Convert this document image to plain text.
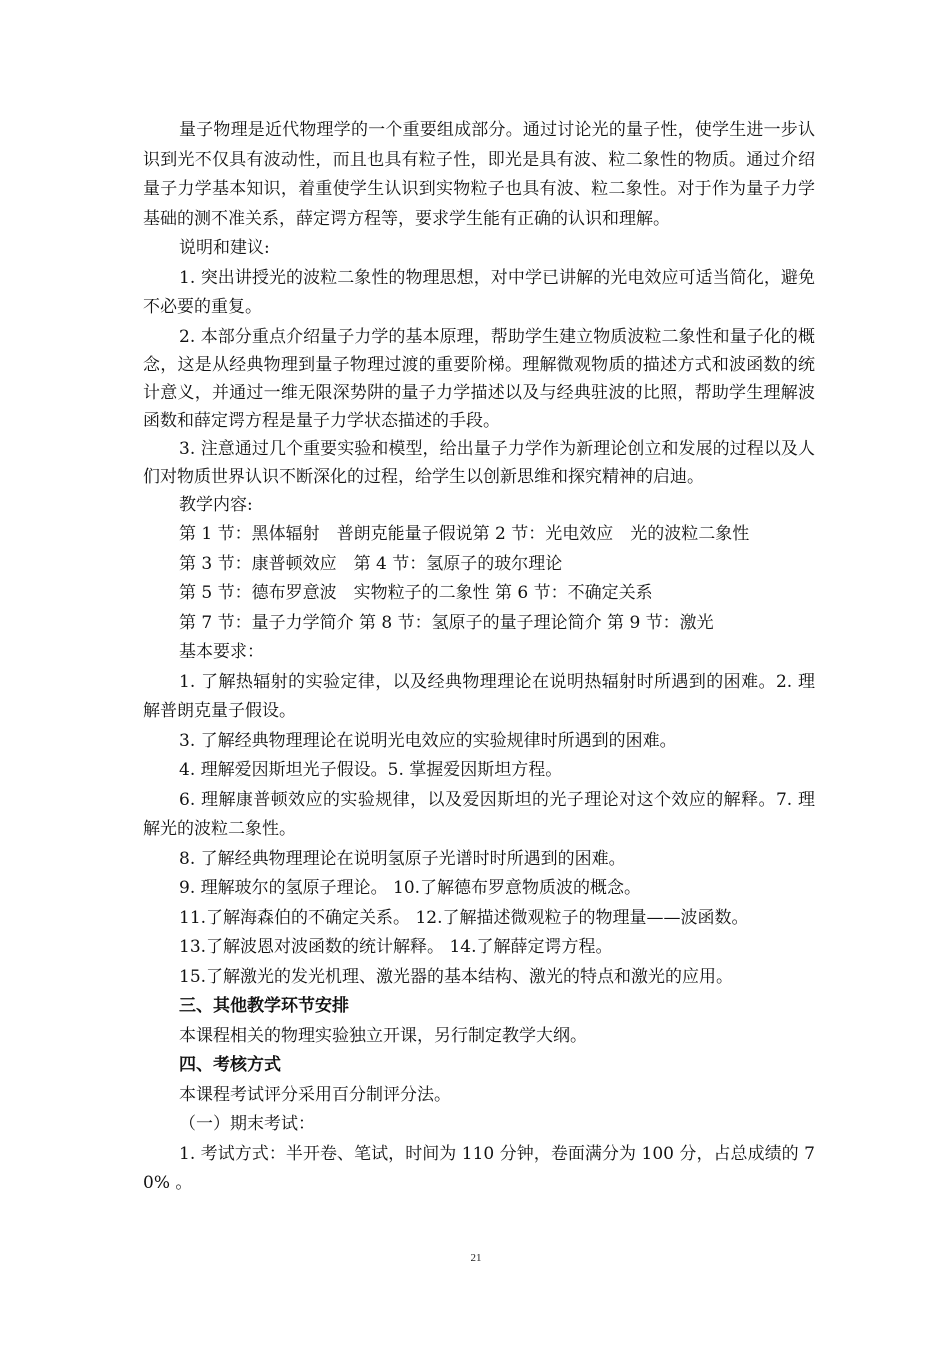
量子物理是近代物理学的一个重要组成部分。通过讨论光的量子性，使学生进一步认识到光不仅具有波动性，而且也具有粒子性，即光是具有波、粒二象性的物质。通过介绍量子力学基本知识，着重使学生认识到实物粒子也具有波、粒二象性。对于作为量子力学基础的测不准关系，薛定谔方程等，要求学生能有正确的认识和理解。

说明和建议:

1. 突出讲授光的波粒二象性的物理思想，对中学已讲解的光电效应可适当简化，避免不必要的重复。

2. 本部分重点介绍量子力学的基本原理，帮助学生建立物质波粒二象性和量子化的概念，这是从经典物理到量子物理过渡的重要阶梯。理解微观物质的描述方式和波函数的统计意义，并通过一维无限深势阱的量子力学描述以及与经典驻波的比照，帮助学生理解波函数和薛定谔方程是量子力学状态描述的手段。

3. 注意通过几个重要实验和模型，给出量子力学作为新理论创立和发展的过程以及人们对物质世界认识不断深化的过程，给学生以创新思维和探究精神的启迪。

教学内容:

第 1 节：黑体辐射　普朗克能量子假说第 2 节：光电效应　光的波粒二象性

第 3 节：康普顿效应　第 4 节：氢原子的玻尔理论

第 5 节：德布罗意波　实物粒子的二象性 第 6 节：不确定关系

第 7 节：量子力学简介 第 8 节：氢原子的量子理论简介 第 9 节：激光

基本要求：

1. 了解热辐射的实验定律，以及经典物理理论在说明热辐射时所遇到的困难。2. 理解普朗克量子假设。

3. 了解经典物理理论在说明光电效应的实验规律时所遇到的困难。

4. 理解爱因斯坦光子假设。5. 掌握爱因斯坦方程。

6. 理解康普顿效应的实验规律，以及爱因斯坦的光子理论对这个效应的解释。7. 理解光的波粒二象性。

8. 了解经典物理理论在说明氢原子光谱时时所遇到的困难。

9. 理解玻尔的氢原子理论。 10.了解德布罗意物质波的概念。

11.了解海森伯的不确定关系。 12.了解描述微观粒子的物理量——波函数。

13.了解波恩对波函数的统计解释。 14.了解薛定谔方程。

15.了解激光的发光机理、激光器的基本结构、激光的特点和激光的应用。

三、其他教学环节安排

本课程相关的物理实验独立开课，另行制定教学大纲。

四、考核方式

本课程考试评分采用百分制评分法。

（一）期末考试：

1. 考试方式：半开卷、笔试，时间为 110 分钟，卷面满分为 100 分，占总成绩的 70% 。

21
